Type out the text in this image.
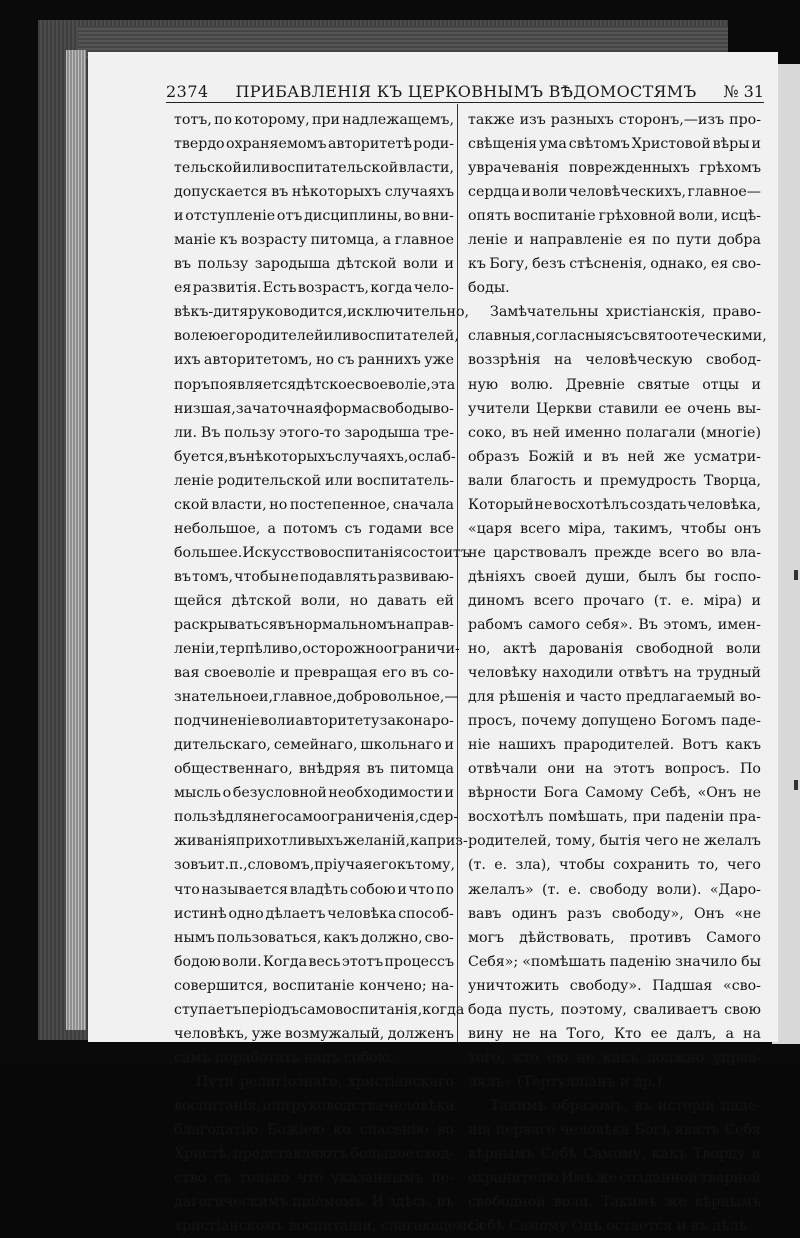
2374	ПРИБАВЛЕНІЯ КЪ ЦЕРКОВНЫМЪ ВѢДОМОСТЯМЪ	№ 31
тотъ, по которому, при надлежащемъ,
твердо охраняемомъ авторитетѣ роди-
тельской или воспитательской власти,
допускается въ нѣкоторыхъ случаяхъ
и отступленіе отъ дисциплины, во вни-
маніе къ возрасту питомца, а главное
въ пользу зародыша дѣтской воли и
ея развитія. Есть возрастъ, когда чело-
вѣкъ-дитя руководится, исключительно,
волею его родителей или воспитателей,
ихъ авторитетомъ, но съ раннихъ уже
поръ появляется дѣтское своеволіе, эта
низшая, зачаточная форма свободы во-
ли. Въ пользу этого-то зародыша тре-
буется, въ нѣкоторыхъ случаяхъ, ослаб-
леніе родительской или воспитатель-
ской власти, но постепенное, сначала
небольшое, а потомъ съ годами все
большее. Искусство воспитанія состоитъ
въ томъ, чтобы не подавлять развиваю-
щейся дѣтской воли, но давать ей
раскрываться въ нормальномъ направ-
леніи, терпѣливо, осторожно ограничи-
вая своеволіе и превращая его въ со-
знательное и, главное, добровольное,—
подчиненіе воли авторитету закона ро-
дительскаго, семейнаго, школьнаго и
общественнаго, внѣдряя въ питомца
мысль о безусловной необходимости и
пользѣ для него самоограниченія, сдер-
живанія прихотливыхъ желаній, каприз-
зовъ и т. п., словомъ, пріучая его къ тому,
что называется владѣть собою и что по
истинѣ одно дѣлаетъ человѣка способ-
нымъ пользоваться, какъ должно, сво-
бодою воли. Когда весь этотъ процессъ
совершится, воспитаніе кончено; на-
ступаетъ періодъ самовоспитанія, когда
человѣкъ, уже возмужалый, долженъ
самъ поработать надъ собою.
Пути религіознаго, христіанскаго
воспитанія, или руководства человѣка
благодатію Божіею ко спасенію во
Христѣ, представляютъ большое сход-
ство съ только что указаннымъ пе-
дагогическимъ пріемомъ. И здѣсь, въ
христіанскомъ воспитаніи, слагающемся
также изъ разныхъ сторонъ,—изъ про-
свѣщенія ума свѣтомъ Христовой вѣры и
уврачеванія поврежденныхъ грѣхомъ
сердца и воли человѣческихъ, главное—
опять воспитаніе грѣховной воли, исцѣ-
леніе и направленіе ея по пути добра
къ Богу, безъ стѣсненія, однако, ея сво-
боды.
Замѣчательны христіанскія, право-
славныя, согласныя съ святоотеческими,
воззрѣнія на человѣческую свобод-
ную волю. Древніе святые отцы и
учители Церкви ставили ее очень вы-
соко, въ ней именно полагали (многіе)
образъ Божій и въ ней же усматри-
вали благость и премудрость Творца,
Который не восхотѣлъ создать человѣка,
«царя всего міра, такимъ, чтобы онъ
не царствовалъ прежде всего во вла-
дѣніяхъ своей души, былъ бы госпо-
диномъ всего прочаго (т. е. міра) и
рабомъ самого себя». Въ этомъ, имен-
но, актѣ дарованія свободной воли
человѣку находили отвѣтъ на трудный
для рѣшенія и часто предлагаемый во-
просъ, почему допущено Богомъ паде-
ніе нашихъ прародителей. Вотъ какъ
отвѣчали они на этотъ вопросъ. По
вѣрности Бога Самому Себѣ, «Онъ не
восхотѣлъ помѣшать, при паденіи пра-
родителей, тому, бытія чего не желалъ
(т. е. зла), чтобы сохранить то, чего
желалъ» (т. е. свободу воли). «Даро-
вавъ одинъ разъ свободу», Онъ «не
могъ дѣйствовать, противъ Самого
Себя»; «помѣшать паденію значило бы
уничтожить свободу». Падшая «сво-
бода пусть, поэтому, сваливаетъ свою
вину не на Того, Кто ее далъ, а на
того, кто ею не какъ должно управ-
лялъ» (Тертулліанъ и др.).
Такимъ образомъ, въ исторіи паде-
нія перваго человѣка Богъ явилъ Себя
вѣрнымъ Себѣ Самому, какъ Творцу и
охранителю Имъ же созданной тварной
свободной воли. Такимъ же вѣрнымъ
Себѣ Самому Онъ остается и въ дѣлѣ
